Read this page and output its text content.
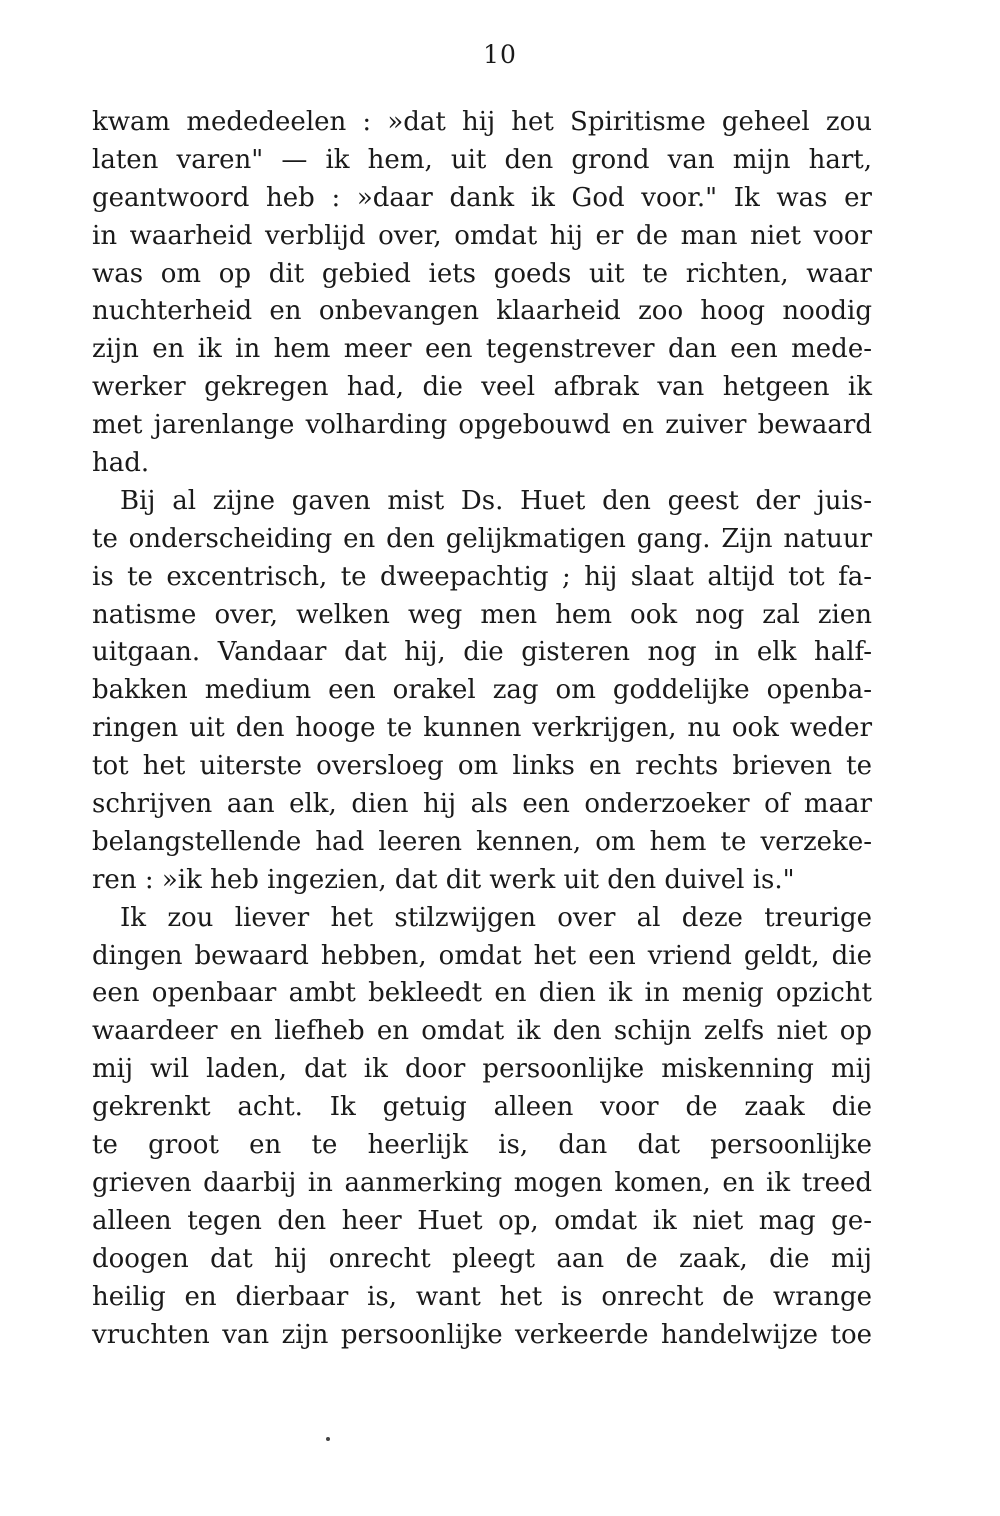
10
kwam mededeelen : »dat hij het Spiritisme geheel zou
laten varen" — ik hem, uit den grond van mijn hart,
geantwoord heb : »daar dank ik God voor." Ik was er
in waarheid verblijd over, omdat hij er de man niet voor
was om op dit gebied iets goeds uit te richten, waar
nuchterheid en onbevangen klaarheid zoo hoog noodig
zijn en ik in hem meer een tegenstrever dan een mede-
werker gekregen had, die veel afbrak van hetgeen ik
met jarenlange volharding opgebouwd en zuiver bewaard
had.
Bij al zijne gaven mist Ds. Huet den geest der juis-
te onderscheiding en den gelijkmatigen gang. Zijn natuur
is te excentrisch, te dweepachtig ; hij slaat altijd tot fa-
natisme over, welken weg men hem ook nog zal zien
uitgaan. Vandaar dat hij, die gisteren nog in elk half-
bakken medium een orakel zag om goddelijke openba-
ringen uit den hooge te kunnen verkrijgen, nu ook weder
tot het uiterste oversloeg om links en rechts brieven te
schrijven aan elk, dien hij als een onderzoeker of maar
belangstellende had leeren kennen, om hem te verzeke-
ren : »ik heb ingezien, dat dit werk uit den duivel is."
Ik zou liever het stilzwijgen over al deze treurige
dingen bewaard hebben, omdat het een vriend geldt, die
een openbaar ambt bekleedt en dien ik in menig opzicht
waardeer en liefheb en omdat ik den schijn zelfs niet op
mij wil laden, dat ik door persoonlijke miskenning mij
gekrenkt acht. Ik getuig alleen voor de zaak die
te groot en te heerlijk is, dan dat persoonlijke
grieven daarbij in aanmerking mogen komen, en ik treed
alleen tegen den heer Huet op, omdat ik niet mag ge-
doogen dat hij onrecht pleegt aan de zaak, die mij
heilig en dierbaar is, want het is onrecht de wrange
vruchten van zijn persoonlijke verkeerde handelwijze toe
